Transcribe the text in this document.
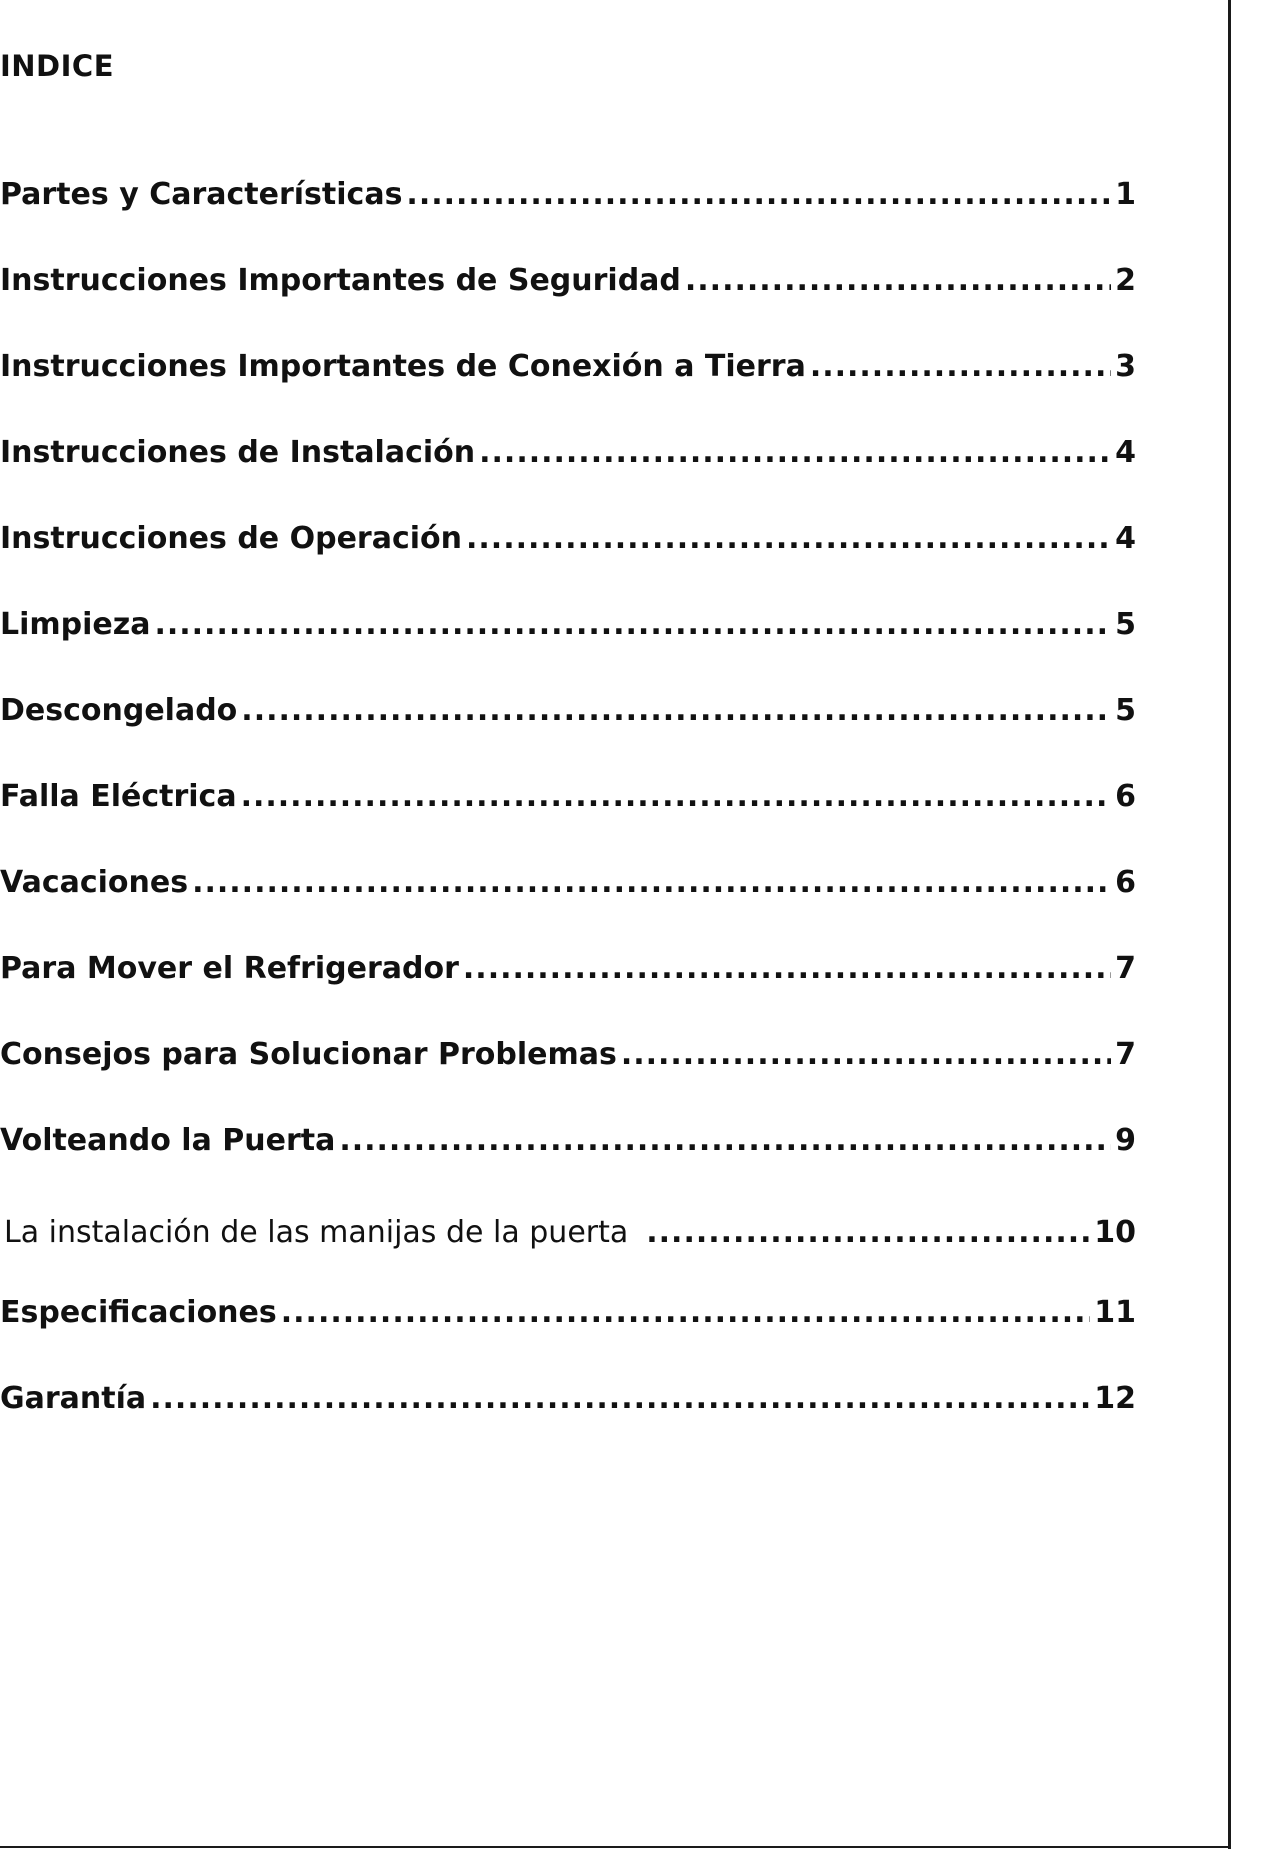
INDICE
Partes y Características .....	1
Instrucciones Importantes de Seguridad .....	2
Instrucciones Importantes de Conexión a Tierra .....	3
Instrucciones de Instalación .....	4
Instrucciones de Operación .....	4
Limpieza .....	5
Descongelado .....	5
Falla Eléctrica .....	6
Vacaciones .....	6
Para Mover el Refrigerador .....	7
Consejos para Solucionar Problemas .....	7
Volteando la Puerta .....	9
La instalación de las manijas de la puerta .....	10
Especificaciones .....	11
Garantía .....	12
